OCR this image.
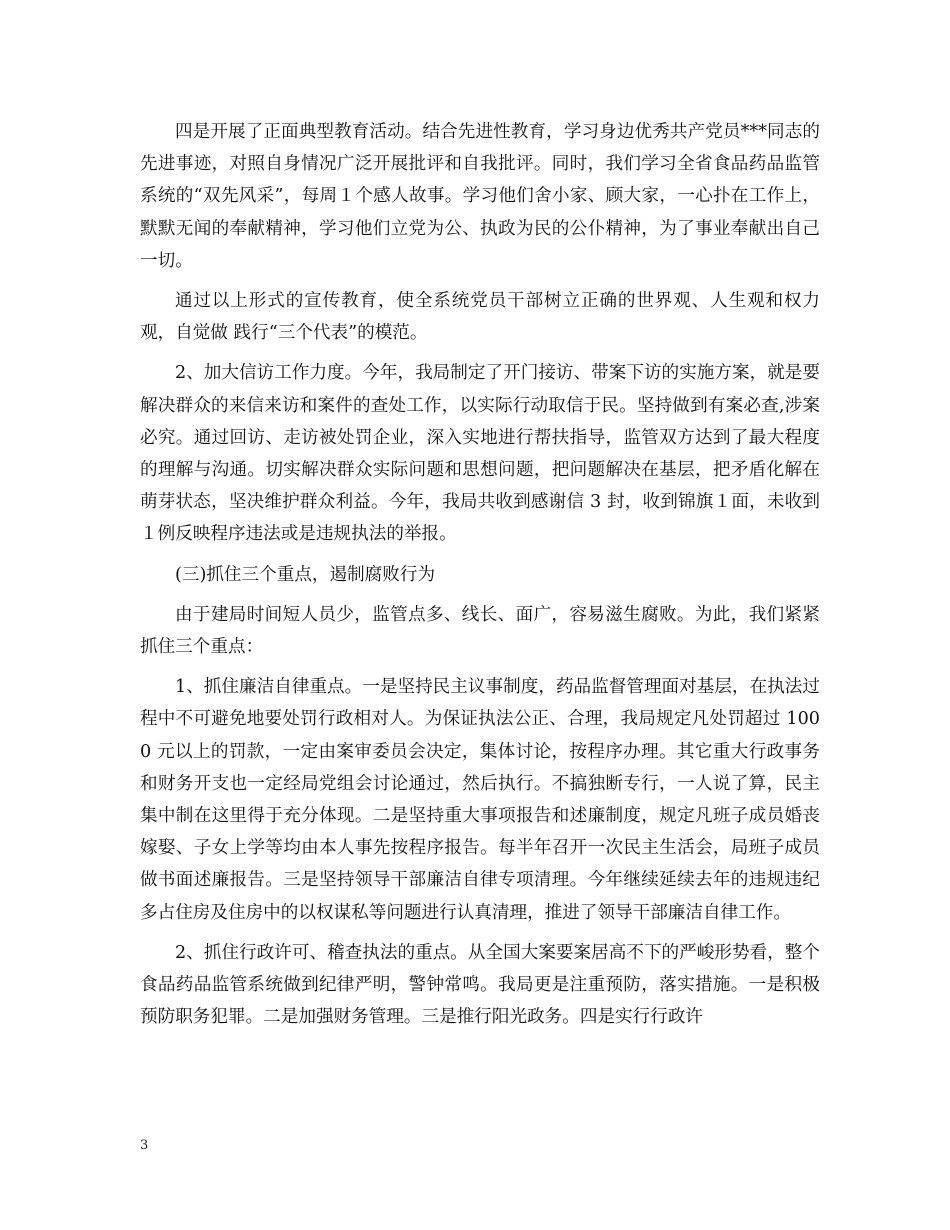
四是开展了正面典型教育活动。结合先进性教育，学习身边优秀共产党员***同志的先进事迹，对照自身情况广泛开展批评和自我批评。同时，我们学习全省食品药品监管系统的“双先风采”，每周１个感人故事。学习他们舍小家、顾大家，一心扑在工作上，默默无闻的奉献精神，学习他们立党为公、执政为民的公仆精神，为了事业奉献出自己一切。

通过以上形式的宣传教育，使全系统党员干部树立正确的世界观、人生观和权力观，自觉做 践行“三个代表”的模范。

2、加大信访工作力度。今年，我局制定了开门接访、带案下访的实施方案，就是要解决群众的来信来访和案件的查处工作，以实际行动取信于民。坚持做到有案必查,涉案必究。通过回访、走访被处罚企业，深入实地进行帮扶指导，监管双方达到了最大程度的理解与沟通。切实解决群众实际问题和思想问题，把问题解决在基层，把矛盾化解在萌芽状态，坚决维护群众利益。今年，我局共收到感谢信 3 封，收到锦旗１面，未收到１例反映程序违法或是违规执法的举报。

(三)抓住三个重点，遏制腐败行为

由于建局时间短人员少，监管点多、线长、面广，容易滋生腐败。为此，我们紧紧抓住三个重点：

1、抓住廉洁自律重点。一是坚持民主议事制度，药品监督管理面对基层，在执法过程中不可避免地要处罚行政相对人。为保证执法公正、合理，我局规定凡处罚超过 1000 元以上的罚款，一定由案审委员会决定，集体讨论，按程序办理。其它重大行政事务和财务开支也一定经局党组会讨论通过，然后执行。不搞独断专行，一人说了算，民主集中制在这里得于充分体现。二是坚持重大事项报告和述廉制度，规定凡班子成员婚丧嫁娶、子女上学等均由本人事先按程序报告。每半年召开一次民主生活会，局班子成员做书面述廉报告。三是坚持领导干部廉洁自律专项清理。今年继续延续去年的违规违纪多占住房及住房中的以权谋私等问题进行认真清理，推进了领导干部廉洁自律工作。

2、抓住行政许可、稽查执法的重点。从全国大案要案居高不下的严峻形势看，整个食品药品监管系统做到纪律严明，警钟常鸣。我局更是注重预防，落实措施。一是积极预防职务犯罪。二是加强财务管理。三是推行阳光政务。四是实行行政许

3
